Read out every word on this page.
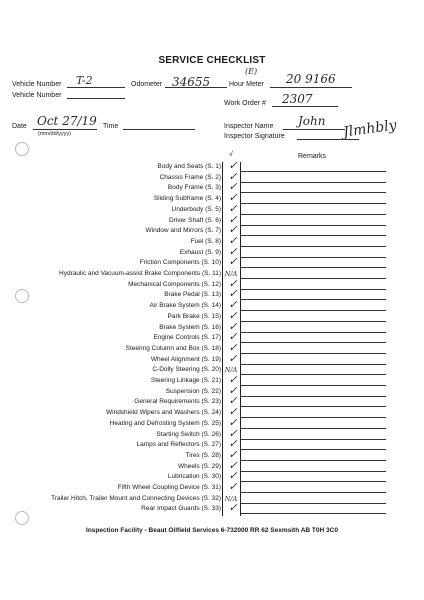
SERVICE CHECKLIST
Vehicle Number T-2	Odometer 34655
(E)
Hour Meter 20 9166
Vehicle Number
Work Order # 2307
Date Oct 27/19
(mm/dd/yyyy)
Time	Inspector Name John
Inspector Signature	Jlmhbly
√	Remarks
Body and Seats (S. 1) ✓
Chassis Frame (S. 2) ✓
Body Frame (S. 3) ✓
Sliding Subframe (S. 4) ✓
Underbody (S. 5) ✓
Driver Shaft (S. 6) ✓
Window and Mirrors (S. 7) ✓
Fuel (S. 8) ✓
Exhaust (S. 9) ✓
Friction Components (S. 10) ✓
Hydraulic and Vacuum-assist Brake Components (S. 11) N/A
Mechanical Components (S. 12) ✓
Brake Pedal (S. 13) ✓
Air Brake System (S. 14) ✓
Park Brake (S. 15) ✓
Brake System (S. 16) ✓
Engine Controls (S. 17) ✓
Steering Column and Box (S. 18) ✓
Wheel Alignment (S. 19) ✓
C-Dolly Steering (S. 20) N/A
Steering Linkage (S. 21) ✓
Suspension (S. 22) ✓
General Requirements (S. 23) ✓
Windshield Wipers and Washers (S. 24) ✓
Heating and Defrosting System (S. 25) ✓
Starting Switch (S. 26) ✓
Lamps and Reflectors (S. 27) ✓
Tires (S. 28) ✓
Wheels (S. 29) ✓
Lubrication (S. 30) ✓
Fifth Wheel Coupling Device (S. 31) ✓
Trailer Hitch, Trailer Mount and Connecting Devices (S. 32) N/A
Rear Impact Guards (S. 33) ✓
Inspection Facility - Beaut Oilfield Services 6-732000 RR 62 Sexmsith AB T0H 3C0
